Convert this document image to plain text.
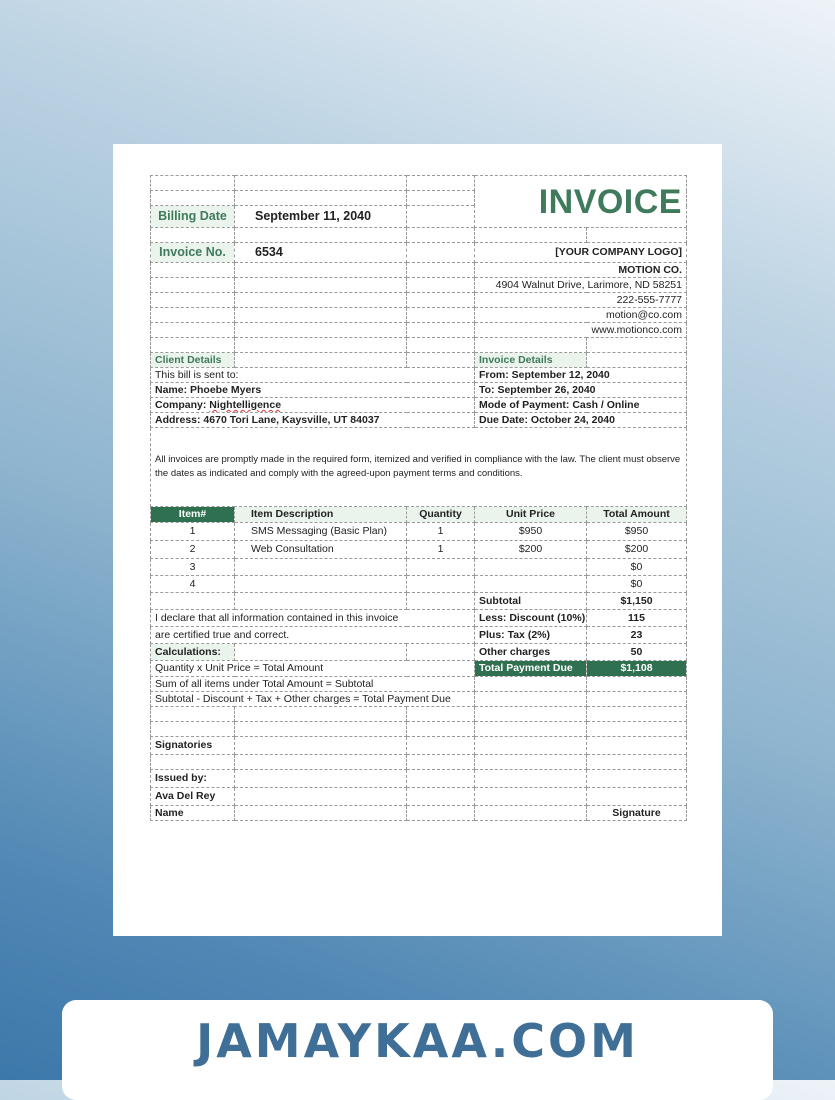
			INVOICE	

Billing Date	September 11, 2040			

Invoice No.	6534		[YOUR COMPANY LOGO]	
			MOTION CO.	
			4904 Walnut Drive, Larimore, ND 58251	
			222-555-7777	
			motion@co.com	
			www.motionco.com	

Client Details			Invoice Details	
This bill is sent to:			From: September 12, 2040	
Name: Phoebe Myers			To: September 26, 2040	
Company: Nightelligence			Mode of Payment: Cash / Online	
Address: 4670 Tori Lane, Kaysville, UT 84037			Due Date: October 24, 2040	
All invoices are promptly made in the required form, itemized and verified in compliance with the law. The client must observe the dates as indicated and comply with the agreed-upon payment terms and conditions.				
Item#	Item Description	Quantity	Unit Price	Total Amount
1	SMS Messaging (Basic Plan)	1	$950	$950
2	Web Consultation	1	$200	$200
3				$0
4				$0
			Subtotal	$1,150
I declare that all information contained in this invoice			Less: Discount (10%)	115
are certified true and correct.			Plus: Tax (2%)	23
Calculations:			Other charges	50
Quantity x Unit Price = Total Amount			Total Payment Due	$1,108
Sum of all items under Total Amount = Subtotal				
Subtotal - Discount + Tax + Other charges = Total Payment Due				

Signatories				

Issued by:				
Ava Del Rey				
Name				Signature
JAMAYKAA.COM
